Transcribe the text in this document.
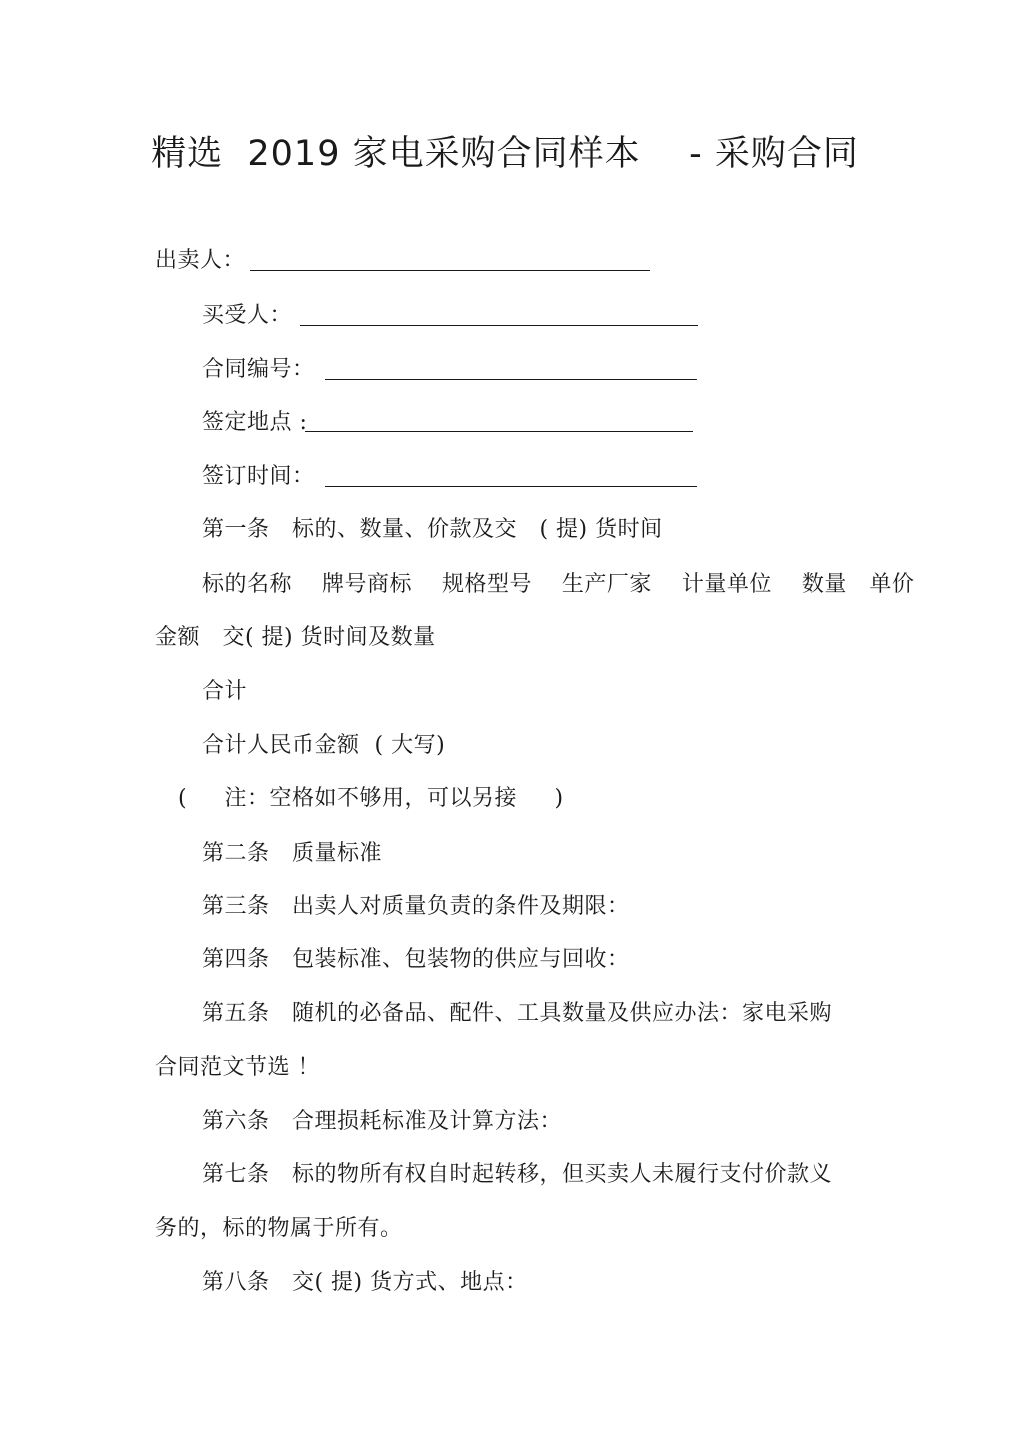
精选  2019 家电采购合同样本    - 采购合同
出卖人：
买受人：
合同编号：
签定地点 :
签订时间：
第一条   标的、数量、价款及交   ( 提) 货时间
标的名称    牌号商标    规格型号    生产厂家    计量单位    数量   单价
金额   交( 提) 货时间及数量
合计
合计人民币金额  ( 大写)
(     注：空格如不够用，可以另接     )
第二条   质量标准
第三条   出卖人对质量负责的条件及期限：
第四条   包装标准、包装物的供应与回收：
第五条   随机的必备品、配件、工具数量及供应办法：家电采购
合同范文节选 ！
第六条   合理损耗标准及计算方法：
第七条   标的物所有权自时起转移，但买卖人未履行支付价款义
务的，标的物属于所有。
第八条   交( 提) 货方式、地点：
